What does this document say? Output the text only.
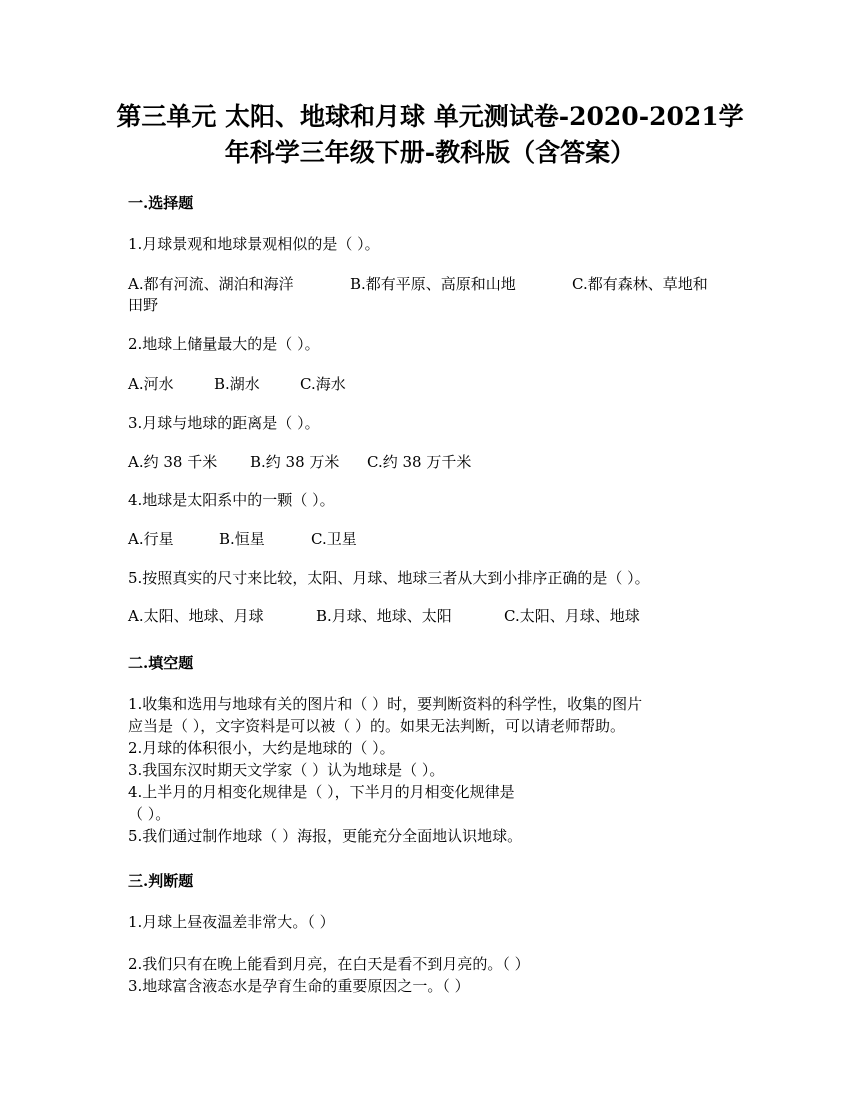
第三单元 太阳、地球和月球 单元测试卷-2020-2021学
年科学三年级下册-教科版（含答案）
一.选择题
1.月球景观和地球景观相似的是（ ）。
A.都有河流、湖泊和海洋	B.都有平原、高原和山地	C.都有森林、草地和
田野
2.地球上储量最大的是（ ）。
A.河水	B.湖水	C.海水
3.月球与地球的距离是（ ）。
A.约 38 千米 B.约 38 万米 C.约 38 万千米
4.地球是太阳系中的一颗（ ）。
A.行星	B.恒星	C.卫星
5.按照真实的尺寸来比较，太阳、月球、地球三者从大到小排序正确的是（ ）。
A.太阳、地球、月球	B.月球、地球、太阳	C.太阳、月球、地球
二.填空题
1.收集和选用与地球有关的图片和（ ）时，要判断资料的科学性，收集的图片
应当是（ ），文字资料是可以被（ ）的。如果无法判断，可以请老师帮助。
2.月球的体积很小，大约是地球的（ ）。
3.我国东汉时期天文学家（ ）认为地球是（ ）。
4.上半月的月相变化规律是（ ），下半月的月相变化规律是
（ ）。
5.我们通过制作地球（ ）海报，更能充分全面地认识地球。
三.判断题
1.月球上昼夜温差非常大。（ ）
2.我们只有在晚上能看到月亮，在白天是看不到月亮的。（ ）
3.地球富含液态水是孕育生命的重要原因之一。（ ）
